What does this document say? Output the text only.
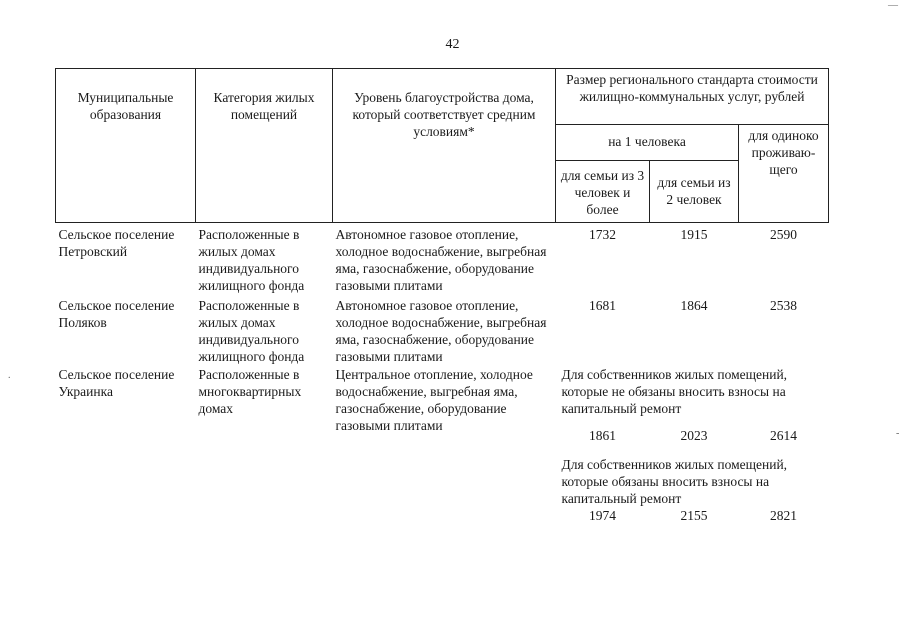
42
Муниципальные образования	Категория жилых помещений	Уровень благоустройства дома, который соответствует средним условиям*	Размер регионального стандарта стоимости жилищно-коммунальных услуг, рублей		
			на 1 человека		для одиноко проживаю-щего
			для семьи из 3 человек и более	для семьи из 2 человек	
Сельское поселение Петровский	Расположенные в жилых домах индивидуального жилищного фонда	Автономное газовое отопление, холодное водоснабжение, выгребная яма, газоснабжение, оборудование газовыми плитами	1732	1915	2590
Сельское поселение Поляков	Расположенные в жилых домах индивидуального жилищного фонда	Автономное газовое отопление, холодное водоснабжение, выгребная яма, газоснабжение, оборудование газовыми плитами	1681	1864	2538
Сельское поселение Украинка	Расположенные в многоквартирных домах	Центральное отопление, холодное водоснабжение, выгребная яма, газоснабжение, оборудование газовыми плитами	Для собственников жилых помещений, которые не обязаны вносить взносы на капитальный ремонт		
			1861	2023	2614
			Для собственников жилых помещений, которые обязаны вносить взносы на капитальный ремонт		
			1974	2155	2821
—
-
.
